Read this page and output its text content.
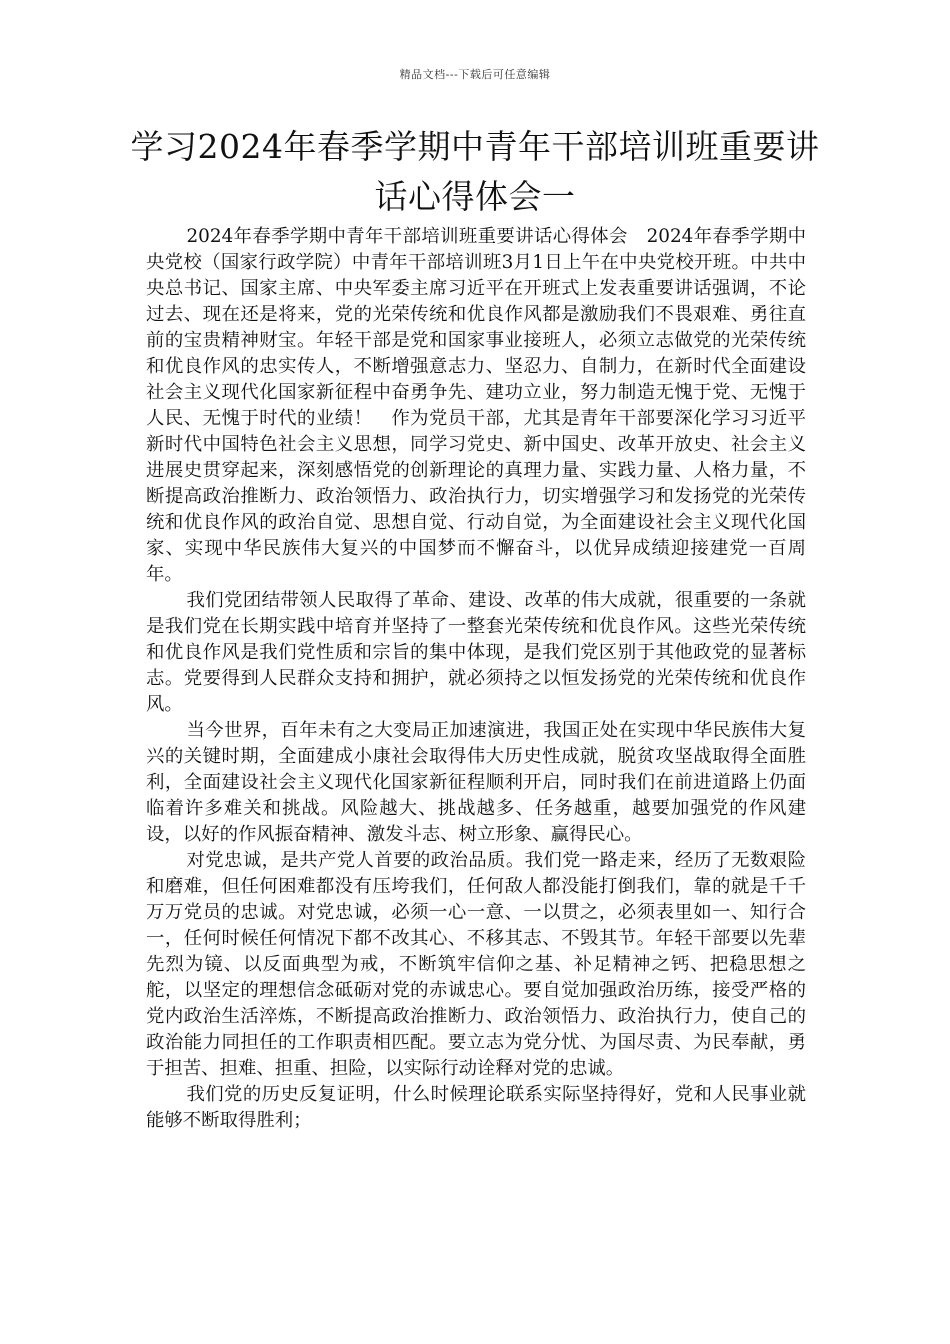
精品文档---下载后可任意编辑
学习2024年春季学期中青年干部培训班重要讲话心得体会一

2024年春季学期中青年干部培训班重要讲话心得体会　2024年春季学期中央党校（国家行政学院）中青年干部培训班3月1日上午在中央党校开班。中共中央总书记、国家主席、中央军委主席习近平在开班式上发表重要讲话强调，不论过去、现在还是将来，党的光荣传统和优良作风都是激励我们不畏艰难、勇往直前的宝贵精神财宝。年轻干部是党和国家事业接班人，必须立志做党的光荣传统和优良作风的忠实传人，不断增强意志力、坚忍力、自制力，在新时代全面建设社会主义现代化国家新征程中奋勇争先、建功立业，努力制造无愧于党、无愧于人民、无愧于时代的业绩！　作为党员干部，尤其是青年干部要深化学习习近平新时代中国特色社会主义思想，同学习党史、新中国史、改革开放史、社会主义进展史贯穿起来，深刻感悟党的创新理论的真理力量、实践力量、人格力量，不断提高政治推断力、政治领悟力、政治执行力，切实增强学习和发扬党的光荣传统和优良作风的政治自觉、思想自觉、行动自觉，为全面建设社会主义现代化国家、实现中华民族伟大复兴的中国梦而不懈奋斗，以优异成绩迎接建党一百周年。

我们党团结带领人民取得了革命、建设、改革的伟大成就，很重要的一条就是我们党在长期实践中培育并坚持了一整套光荣传统和优良作风。这些光荣传统和优良作风是我们党性质和宗旨的集中体现，是我们党区别于其他政党的显著标志。党要得到人民群众支持和拥护，就必须持之以恒发扬党的光荣传统和优良作风。

当今世界，百年未有之大变局正加速演进，我国正处在实现中华民族伟大复兴的关键时期，全面建成小康社会取得伟大历史性成就，脱贫攻坚战取得全面胜利，全面建设社会主义现代化国家新征程顺利开启，同时我们在前进道路上仍面临着许多难关和挑战。风险越大、挑战越多、任务越重，越要加强党的作风建设，以好的作风振奋精神、激发斗志、树立形象、赢得民心。

对党忠诚，是共产党人首要的政治品质。我们党一路走来，经历了无数艰险和磨难，但任何困难都没有压垮我们，任何敌人都没能打倒我们，靠的就是千千万万党员的忠诚。对党忠诚，必须一心一意、一以贯之，必须表里如一、知行合一，任何时候任何情况下都不改其心、不移其志、不毁其节。年轻干部要以先辈先烈为镜、以反面典型为戒，不断筑牢信仰之基、补足精神之钙、把稳思想之舵，以坚定的理想信念砥砺对党的赤诚忠心。要自觉加强政治历练，接受严格的党内政治生活淬炼，不断提高政治推断力、政治领悟力、政治执行力，使自己的政治能力同担任的工作职责相匹配。要立志为党分忧、为国尽责、为民奉献，勇于担苦、担难、担重、担险，以实际行动诠释对党的忠诚。

我们党的历史反复证明，什么时候理论联系实际坚持得好，党和人民事业就能够不断取得胜利；
